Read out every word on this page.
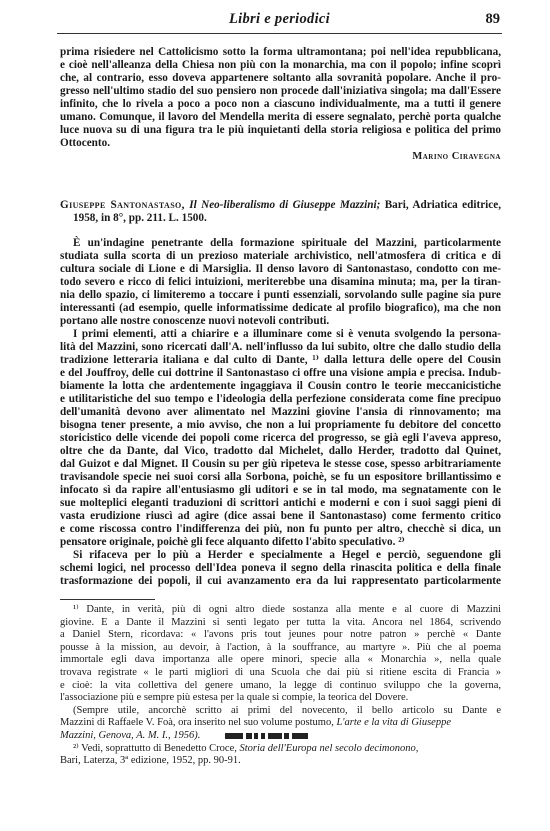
Libri e periodici	89
prima risiedere nel Cattolicismo sotto la forma ultramontana; poi nell'idea repubblicana,
e cioè nell'alleanza della Chiesa non più con la monarchia, ma con il popolo; infine scoprì
che, al contrario, esso doveva appartenere soltanto alla sovranità popolare. Anche il pro-
gresso nell'ultimo stadio del suo pensiero non procede dall'iniziativa singola; ma dall'Essere
infinito, che lo rivela a poco a poco non a ciascuno individualmente, ma a tutti il genere
umano. Comunque, il lavoro del Mendella merita di essere segnalato, perchè porta qualche
luce nuova su di una figura tra le più inquietanti della storia religiosa e politica del primo
Ottocento.
Marino Ciravegna
Giuseppe Santonastaso, Il Neo-liberalismo di Giuseppe Mazzini; Bari, Adriatica editrice,
1958, in 8°, pp. 211. L. 1500.
È un'indagine penetrante della formazione spirituale del Mazzini, particolarmente
studiata sulla scorta di un prezioso materiale archivistico, nell'atmosfera di critica e di
cultura sociale di Lione e di Marsiglia. Il denso lavoro di Santonastaso, condotto con me-
todo severo e ricco di felici intuizioni, meriterebbe una disamina minuta; ma, per la tiran-
nia dello spazio, ci limiteremo a toccare i punti essenziali, sorvolando sulle pagine sia pure
interessanti (ad esempio, quelle informatissime dedicate al profilo biografico), ma che non
portano alle nostre conoscenze nuovi notevoli contributi.
I primi elementi, atti a chiarire e a illuminare come si è venuta svolgendo la persona-
lità del Mazzini, sono ricercati dall'A. nell'influsso da lui subito, oltre che dallo studio della
tradizione letteraria italiana e dal culto di Dante, ¹⁾ dalla lettura delle opere del Cousin
e del Jouffroy, delle cui dottrine il Santonastaso ci offre una visione ampia e precisa. Indub-
biamente la lotta che ardentemente ingaggiava il Cousin contro le teorie meccanicistiche
e utilitaristiche del suo tempo e l'ideologia della perfezione considerata come fine precipuo
dell'umanità devono aver alimentato nel Mazzini giovine l'ansia di rinnovamento; ma
bisogna tener presente, a mio avviso, che non a lui propriamente fu debitore del concetto
storicistico delle vicende dei popoli come ricerca del progresso, se già egli l'aveva appreso,
oltre che da Dante, dal Vico, tradotto dal Michelet, dallo Herder, tradotto dal Quinet,
dal Guizot e dal Mignet. Il Cousin su per giù ripeteva le stesse cose, spesso arbitrariamente
travisandole specie nei suoi corsi alla Sorbona, poichè, se fu un espositore brillantissimo e
infocato sì da rapire all'entusiasmo gli uditori e se in tal modo, ma segnatamente con le
sue molteplici eleganti traduzioni di scrittori antichi e moderni e con i suoi saggi pieni di
vasta erudizione riuscì ad agire (dice assai bene il Santonastaso) come fermento critico
e come riscossa contro l'indifferenza dei più, non fu punto per altro, checchè si dica, un
pensatore originale, poichè gli fece alquanto difetto l'abito speculativo. ²⁾
Si rifaceva per lo più a Herder e specialmente a Hegel e perciò, seguendone gli
schemi logici, nel processo dell'Idea poneva il segno della rinascita politica e della finale
trasformazione dei popoli, il cui avanzamento era da lui rappresentato particolarmente
¹⁾ Dante, in verità, più di ogni altro diede sostanza alla mente e al cuore di Mazzini
giovine. E a Dante il Mazzini si sentì legato per tutta la vita. Ancora nel 1864, scrivendo
a Daniel Stern, ricordava: « l'avons pris tout jeunes pour notre patron » perchè « Dante
pousse à la mission, au devoir, à l'action, à la souffrance, au martyre ». Più che al poema
immortale egli dava importanza alle opere minori, specie alla « Monarchia », nella quale
trovava registrate « le parti migliori di una Scuola che dai più si ritiene escita di Francia »
e cioè: la vita collettiva del genere umano, la legge di continuo sviluppo che la governa,
l'associazione più e sempre più estesa per la quale si compie, la teorica del Dovere.
(Sempre utile, ancorchè scritto ai primi del novecento, il bello articolo su Dante e
Mazzini di Raffaele V. Foà, ora inserito nel suo volume postumo, L'arte e la vita di Giuseppe
Mazzini, Genova, A. M. I., 1956).
²⁾ Vedi, soprattutto di Benedetto Croce, Storia dell'Europa nel secolo decimonono,
Bari, Laterza, 3ª edizione, 1952, pp. 90-91.
